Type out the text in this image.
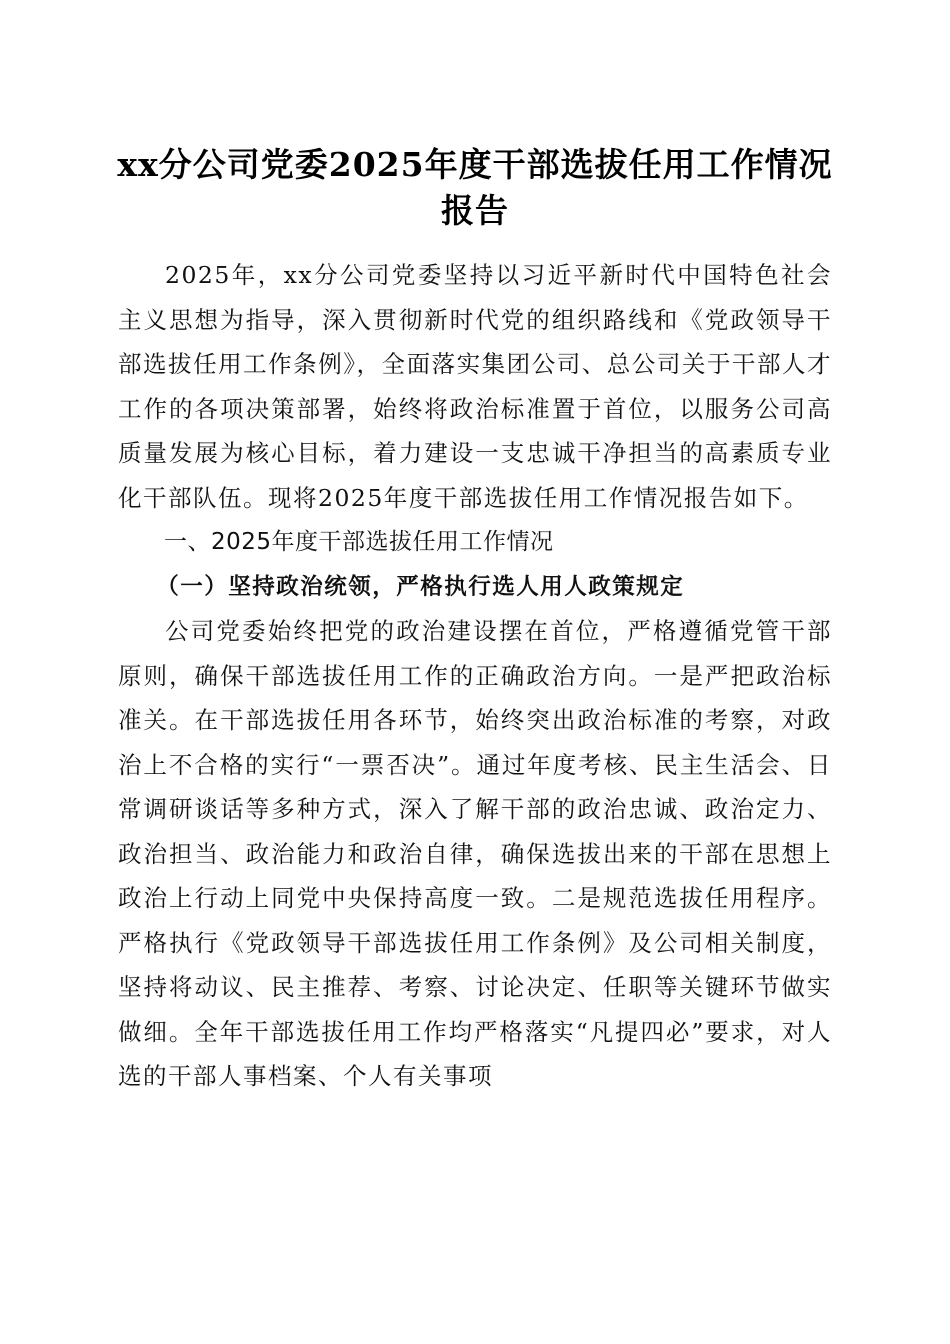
xx分公司党委2025年度干部选拔任用工作情况报告

2025年，xx分公司党委坚持以习近平新时代中国特色社会主义思想为指导，深入贯彻新时代党的组织路线和《党政领导干部选拔任用工作条例》，全面落实集团公司、总公司关于干部人才工作的各项决策部署，始终将政治标准置于首位，以服务公司高质量发展为核心目标，着力建设一支忠诚干净担当的高素质专业化干部队伍。现将2025年度干部选拔任用工作情况报告如下。

一、2025年度干部选拔任用工作情况

（一）坚持政治统领，严格执行选人用人政策规定

公司党委始终把党的政治建设摆在首位，严格遵循党管干部原则，确保干部选拔任用工作的正确政治方向。一是严把政治标准关。在干部选拔任用各环节，始终突出政治标准的考察，对政治上不合格的实行“一票否决”。通过年度考核、民主生活会、日常调研谈话等多种方式，深入了解干部的政治忠诚、政治定力、政治担当、政治能力和政治自律，确保选拔出来的干部在思想上政治上行动上同党中央保持高度一致。二是规范选拔任用程序。严格执行《党政领导干部选拔任用工作条例》及公司相关制度，坚持将动议、民主推荐、考察、讨论决定、任职等关键环节做实做细。全年干部选拔任用工作均严格落实“凡提四必”要求，对人选的干部人事档案、个人有关事项
